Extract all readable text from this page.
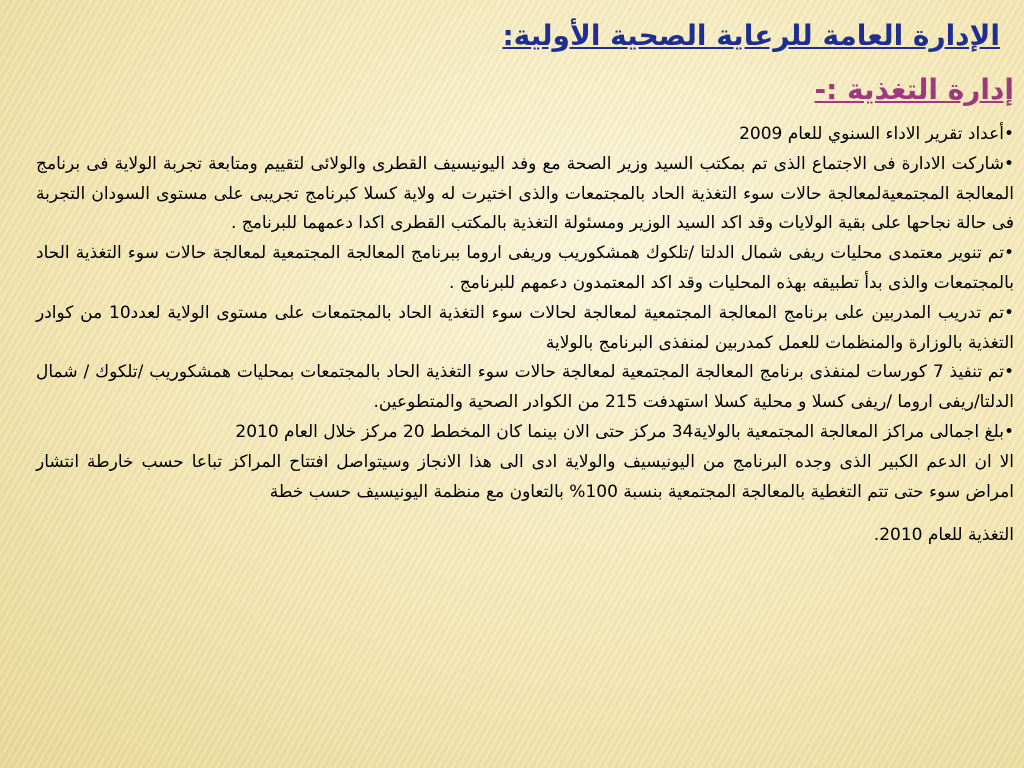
الإدارة العامة للرعاية الصحية الأولية:
إدارة التغذية :-

•أعداد تقرير الاداء السنوي للعام 2009

•شاركت الادارة فى الاجتماع الذى تم بمكتب السيد وزير الصحة مع وفد اليونيسيف القطرى والولائى لتقييم ومتابعة تجربة الولاية فى برنامج المعالجة المجتمعيةلمعالجة حالات سوء التغذية الحاد بالمجتمعات والذى اختيرت له ولاية كسلا كبرنامج تجريبى على مستوى السودان التجربة فى حالة نجاحها على بقية الولايات وقد اكد السيد الوزير ومسئولة التغذية بالمكتب القطرى اكدا دعمهما للبرنامج .

•تم تنوير معتمدى محليات ريفى شمال الدلتا /تلكوك همشكوريب وريفى اروما ببرنامج المعالجة المجتمعية لمعالجة حالات سوء التغذية الحاد بالمجتمعات والذى بدأ تطبيقه بهذه المحليات وقد اكد المعتمدون دعمهم للبرنامج .

•تم تدريب المدربين على برنامج المعالجة المجتمعية لمعالجة لحالات سوء التغذية الحاد بالمجتمعات على مستوى الولاية لعدد10 من كوادر التغذية بالوزارة والمنظمات للعمل كمدربين لمنفذى البرنامج بالولاية

•تم تنفيذ 7 كورسات لمنفذى برنامج المعالجة المجتمعية لمعالجة حالات سوء التغذية الحاد بالمجتمعات بمحليات همشكوريب /تلكوك / شمال الدلتا/ريفى اروما /ريفى كسلا و محلية كسلا استهدفت 215 من الكوادر الصحية والمتطوعين.

•بلغ اجمالى مراكز المعالجة المجتمعية بالولاية34 مركز حتى الان بينما كان المخطط 20 مركز خلال العام 2010

الا ان الدعم الكبير الذى وجده البرنامج من اليونيسيف والولاية ادى الى هذا الانجاز وسيتواصل افتتاح المراكز تباعا حسب خارطة انتشار امراض سوء حتى تتم التغطية بالمعالجة المجتمعية بنسبة 100% بالتعاون مع منظمة اليونيسيف حسب خطة

التغذية للعام 2010.
